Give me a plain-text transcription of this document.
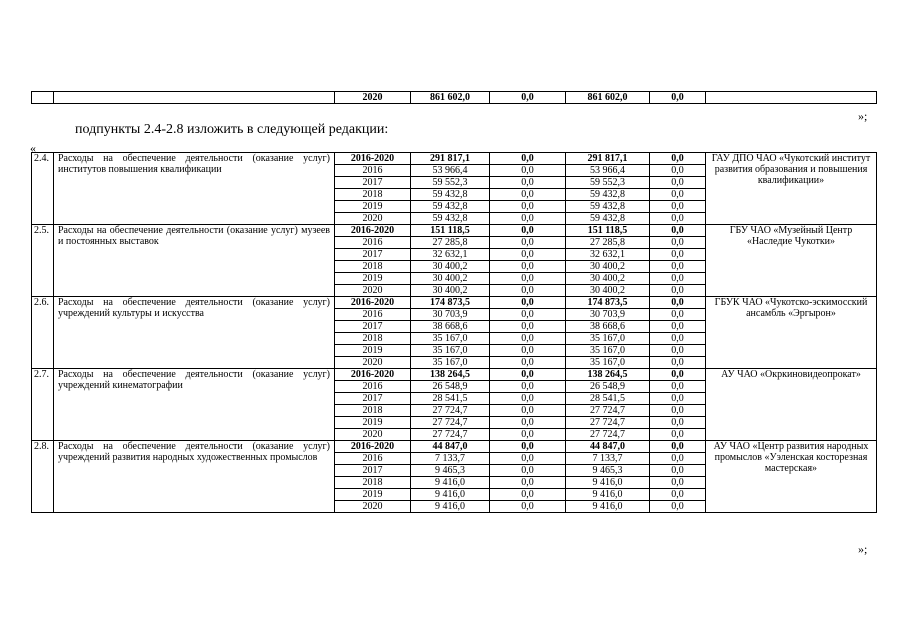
		2020	861 602,0	0,0	861 602,0	0,0	
»;
подпункты 2.4-2.8 изложить в следующей редакции:
«
2.4.	Расходы на обеспечение деятельности (оказание услуг) институтов повышения квалификации	2016-2020	291 817,1	0,0	291 817,1	0,0	ГАУ ДПО ЧАО «Чукотский институт развития образования и повышения квалификации»
		2016	53 966,4	0,0	53 966,4	0,0	
		2017	59 552,3	0,0	59 552,3	0,0	
		2018	59 432,8	0,0	59 432,8	0,0	
		2019	59 432,8	0,0	59 432,8	0,0	
		2020	59 432,8	0,0	59 432,8	0,0	
2.5.	Расходы на обеспечение деятельности (оказание услуг) музеев и постоянных выставок	2016-2020	151 118,5	0,0	151 118,5	0,0	ГБУ ЧАО «Музейный Центр «Наследие Чукотки»
		2016	27 285,8	0,0	27 285,8	0,0	
		2017	32 632,1	0,0	32 632,1	0,0	
		2018	30 400,2	0,0	30 400,2	0,0	
		2019	30 400,2	0,0	30 400,2	0,0	
		2020	30 400,2	0,0	30 400,2	0,0	
2.6.	Расходы на обеспечение деятельности (оказание услуг) учреждений культуры и искусства	2016-2020	174 873,5	0,0	174 873,5	0,0	ГБУК ЧАО «Чукотско-эскимосский ансамбль «Эргырон»
		2016	30 703,9	0,0	30 703,9	0,0	
		2017	38 668,6	0,0	38 668,6	0,0	
		2018	35 167,0	0,0	35 167,0	0,0	
		2019	35 167,0	0,0	35 167,0	0,0	
		2020	35 167,0	0,0	35 167,0	0,0	
2.7.	Расходы на обеспечение деятельности (оказание услуг) учреждений кинематографии	2016-2020	138 264,5	0,0	138 264,5	0,0	АУ ЧАО «Окркиновидеопрокат»
		2016	26 548,9	0,0	26 548,9	0,0	
		2017	28 541,5	0,0	28 541,5	0,0	
		2018	27 724,7	0,0	27 724,7	0,0	
		2019	27 724,7	0,0	27 724,7	0,0	
		2020	27 724,7	0,0	27 724,7	0,0	
2.8.	Расходы на обеспечение деятельности (оказание услуг) учреждений развития народных художественных промыслов	2016-2020	44 847,0	0,0	44 847,0	0,0	АУ ЧАО «Центр развития народных промыслов «Уэленская косторезная мастерская»
		2016	7 133,7	0,0	7 133,7	0,0	
		2017	9 465,3	0,0	9 465,3	0,0	
		2018	9 416,0	0,0	9 416,0	0,0	
		2019	9 416,0	0,0	9 416,0	0,0	
		2020	9 416,0	0,0	9 416,0	0,0	
»;
